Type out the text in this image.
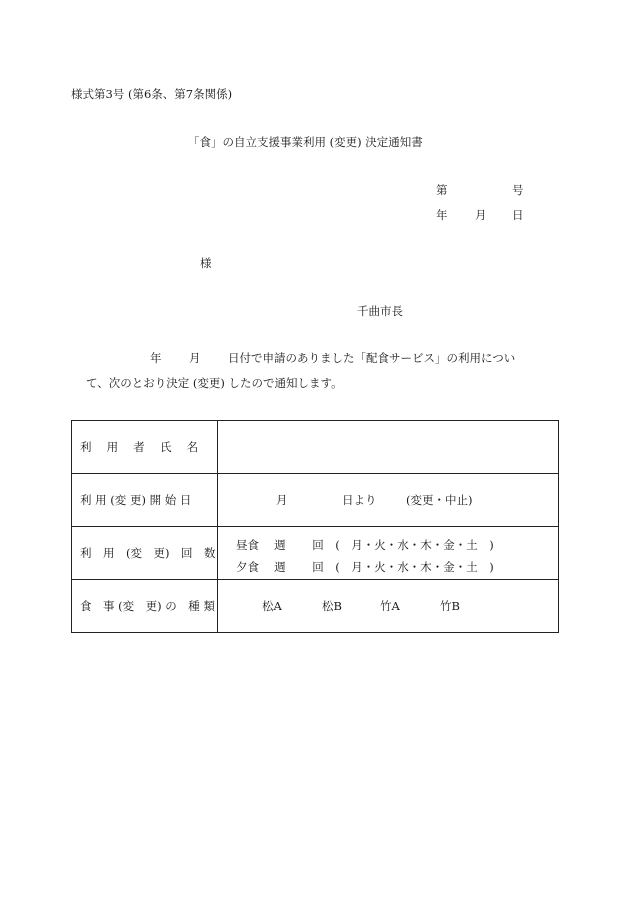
様式第3号 (第6条、第7条関係)
「食」の自立支援事業利用 (変更) 決定通知書
第	号
年 月 日
様
千曲市長
年 月 日付で申請のありました「配食サービス」の利用につい
て、次のとおり決定 (変更) したので通知します。
利　 用 　者　 氏　 名	

利 用 (変 更) 開 始 日	月 日より (変更・中止)

利　用　(変　更)　回　数	昼食　 週 　　回　(　月・火・水・木・金・土　)
夕食　 週 　　回　(　月・火・水・木・金・土　)

食　事 (変　更) の　種 類	松A 松B 竹A 竹B
